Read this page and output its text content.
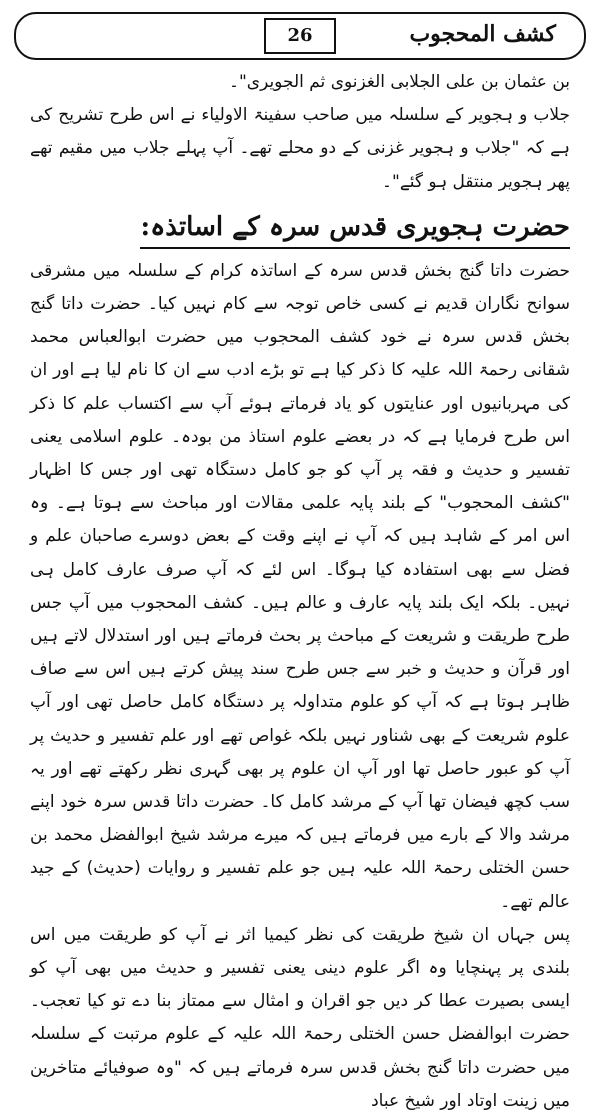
کشف المحجوب
26

بن عثمان بن علی الجلابی الغزنوی ثم الجویری"۔

جلاب و ہجویر کے سلسلہ میں صاحب سفینۃ الاولیاء نے اس طرح تشریح کی ہے کہ "جلاب و ہجویر غزنی کے دو محلے تھے۔ آپ پہلے جلاب میں مقیم تھے پھر ہجویر منتقل ہو گئے"۔

حضرت ہجویری قدس سرہ کے اساتذہ:

حضرت داتا گنج بخش قدس سرہ کے اساتذہ کرام کے سلسلہ میں مشرقی سوانح نگاران قدیم نے کسی خاص توجہ سے کام نہیں کیا۔ حضرت داتا گنج بخش قدس سرہ نے خود کشف المحجوب میں حضرت ابوالعباس محمد شقانی رحمۃ اللہ علیہ کا ذکر کیا ہے تو بڑے ادب سے ان کا نام لیا ہے اور ان کی مہربانیوں اور عنایتوں کو یاد فرماتے ہوئے آپ سے اکتساب علم کا ذکر اس طرح فرمایا ہے کہ در بعضے علوم استاذ من بودہ۔ علوم اسلامی یعنی تفسیر و حدیث و فقہ پر آپ کو جو کامل دستگاہ تھی اور جس کا اظہار "کشف المحجوب" کے بلند پایہ علمی مقالات اور مباحث سے ہوتا ہے۔ وہ اس امر کے شاہد ہیں کہ آپ نے اپنے وقت کے بعض دوسرے صاحبان علم و فضل سے بھی استفادہ کیا ہوگا۔ اس لئے کہ آپ صرف عارف کامل ہی نہیں۔ بلکہ ایک بلند پایہ عارف و عالم ہیں۔ کشف المحجوب میں آپ جس طرح طریقت و شریعت کے مباحث پر بحث فرماتے ہیں اور استدلال لاتے ہیں اور قرآن و حدیث و خبر سے جس طرح سند پیش کرتے ہیں اس سے صاف ظاہر ہوتا ہے کہ آپ کو علوم متداولہ پر دستگاہ کامل حاصل تھی اور آپ علوم شریعت کے بھی شناور نہیں بلکہ غواص تھے اور علم تفسیر و حدیث پر آپ کو عبور حاصل تھا اور آپ ان علوم پر بھی گہری نظر رکھتے تھے اور یہ سب کچھ فیضان تھا آپ کے مرشد کامل کا۔ حضرت داتا قدس سرہ خود اپنے مرشد والا کے بارے میں فرماتے ہیں کہ میرے مرشد شیخ ابوالفضل محمد بن حسن الختلی رحمۃ اللہ علیہ ہیں جو علم تفسیر و روایات (حدیث) کے جید عالم تھے۔

پس جہاں ان شیخ طریقت کی نظر کیمیا اثر نے آپ کو طریقت میں اس بلندی پر پہنچایا وہ اگر علوم دینی یعنی تفسیر و حدیث میں بھی آپ کو ایسی بصیرت عطا کر دیں جو اقران و امثال سے ممتاز بنا دے تو کیا تعجب۔ حضرت ابوالفضل حسن الختلی رحمۃ اللہ علیہ کے علوم مرتبت کے سلسلہ میں حضرت داتا گنج بخش قدس سرہ فرماتے ہیں کہ "وہ صوفیائے متاخرین میں زینت اوتاد اور شیخ عباد
